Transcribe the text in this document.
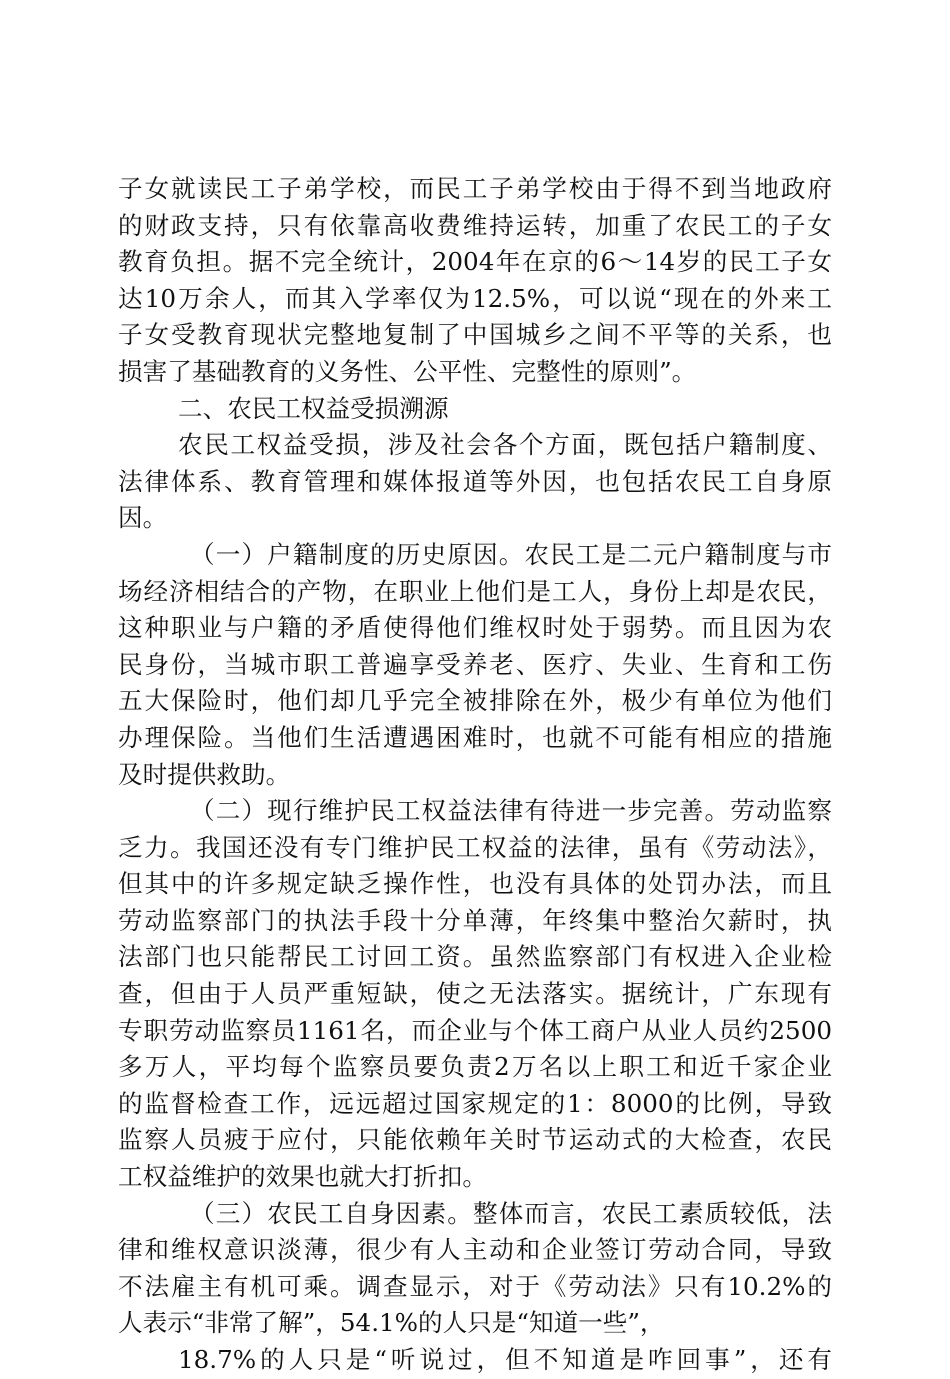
子女就读民工子弟学校，而民工子弟学校由于得不到当地政府
的财政支持，只有依靠高收费维持运转，加重了农民工的子女
教育负担。据不完全统计，2004年在京的6～14岁的民工子女
达10万余人，而其入学率仅为12.5%，可以说“现在的外来工
子女受教育现状完整地复制了中国城乡之间不平等的关系，也
损害了基础教育的义务性、公平性、完整性的原则”。
二、农民工权益受损溯源
农民工权益受损，涉及社会各个方面，既包括户籍制度、
法律体系、教育管理和媒体报道等外因，也包括农民工自身原
因。
（一）户籍制度的历史原因。农民工是二元户籍制度与市
场经济相结合的产物，在职业上他们是工人，身份上却是农民，
这种职业与户籍的矛盾使得他们维权时处于弱势。而且因为农
民身份，当城市职工普遍享受养老、医疗、失业、生育和工伤
五大保险时，他们却几乎完全被排除在外，极少有单位为他们
办理保险。当他们生活遭遇困难时，也就不可能有相应的措施
及时提供救助。
（二）现行维护民工权益法律有待进一步完善。劳动监察
乏力。我国还没有专门维护民工权益的法律，虽有《劳动法》，
但其中的许多规定缺乏操作性，也没有具体的处罚办法，而且
劳动监察部门的执法手段十分单薄，年终集中整治欠薪时，执
法部门也只能帮民工讨回工资。虽然监察部门有权进入企业检
查，但由于人员严重短缺，使之无法落实。据统计，广东现有
专职劳动监察员1161名，而企业与个体工商户从业人员约2500
多万人，平均每个监察员要负责2万名以上职工和近千家企业
的监督检查工作，远远超过国家规定的1：8000的比例，导致
监察人员疲于应付，只能依赖年关时节运动式的大检查，农民
工权益维护的效果也就大打折扣。
（三）农民工自身因素。整体而言，农民工素质较低，法
律和维权意识淡薄，很少有人主动和企业签订劳动合同，导致
不法雇主有机可乘。调查显示，对于《劳动法》只有10.2%的
人表示“非常了解”，54.1%的人只是“知道一些”，
18.7%的人只是“听说过，但不知道是咋回事”，还有
